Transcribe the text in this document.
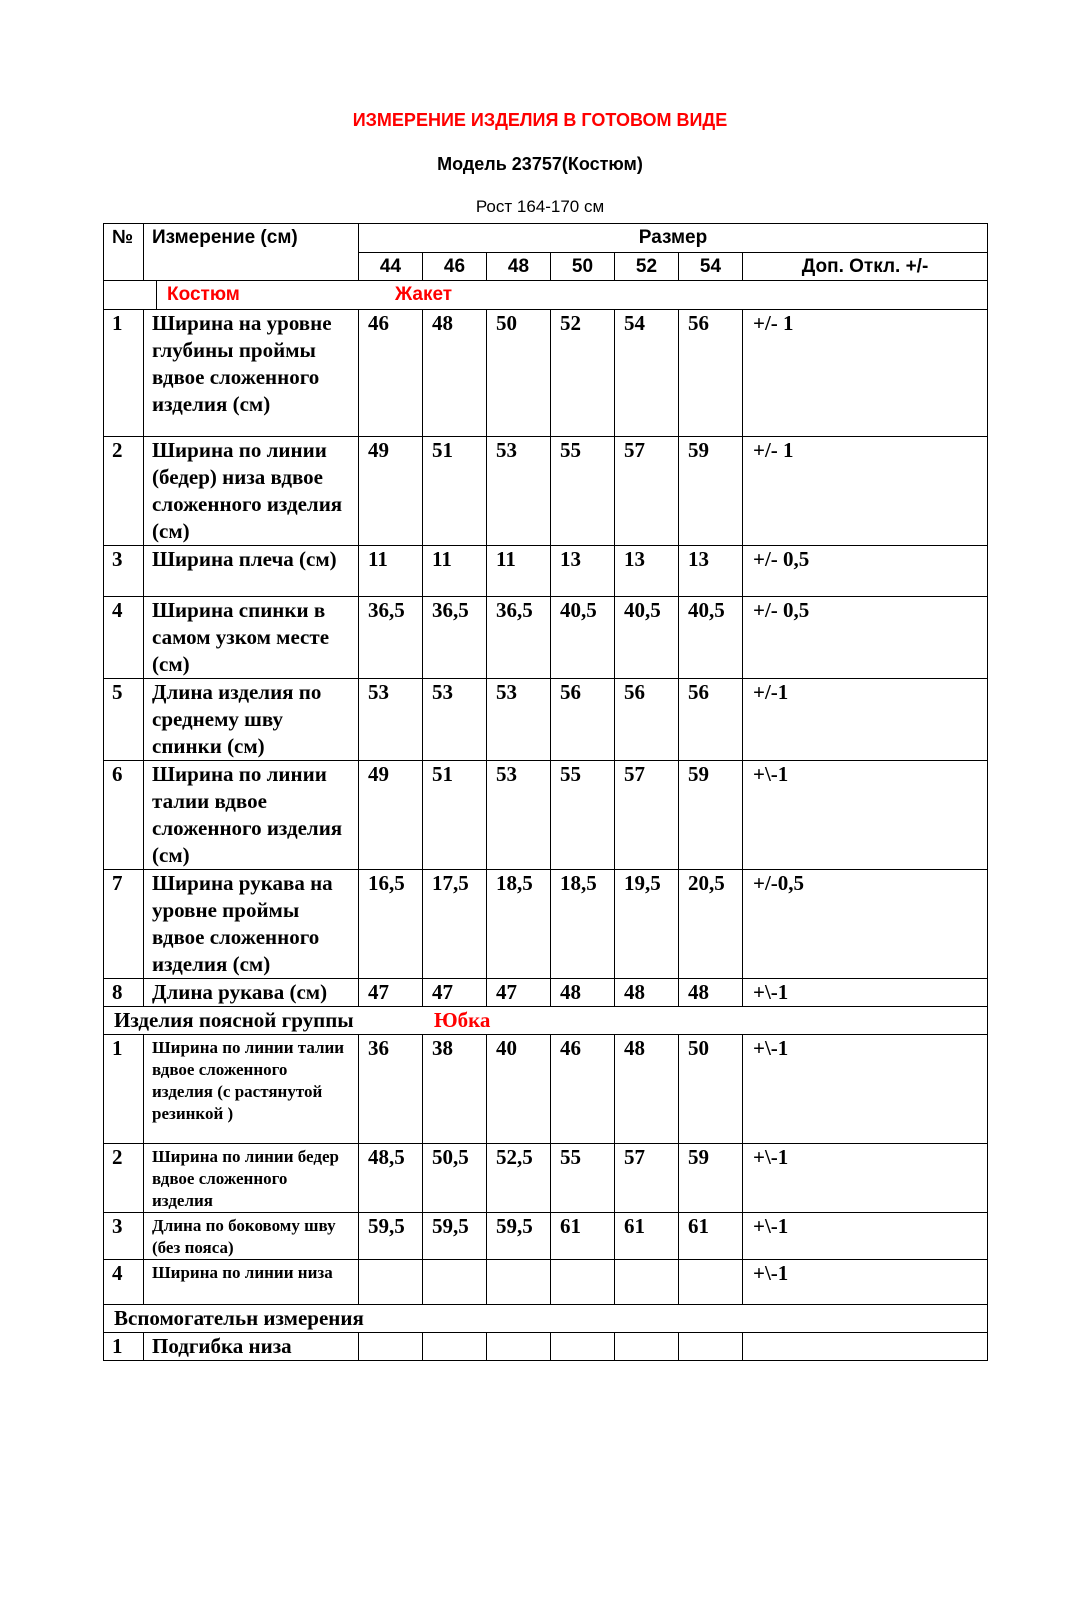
ИЗМЕРЕНИЕ ИЗДЕЛИЯ В ГОТОВОМ ВИДЕ
Модель 23757(Костюм)
Рост 164-170 см
№	Измерение (см)	Размер						
		44	46	48	50	52	54	Доп. Откл. +/-

Костюм Жакет								

1	Ширина на уровне глубины проймы вдвое сложенного изделия (см)	46	48	50	52	54	56	+/- 1
2	Ширина по линии (бедер) низа вдвое сложенного изделия (см)	49	51	53	55	57	59	+/- 1
3	Ширина плеча (см)	11	11	11	13	13	13	+/- 0,5
4	Ширина спинки в самом узком месте (см)	36,5	36,5	36,5	40,5	40,5	40,5	+/- 0,5
5	Длина изделия по среднему шву спинки (см)	53	53	53	56	56	56	+/-1
6	Ширина по линии талии вдвое сложенного изделия (см)	49	51	53	55	57	59	+\-1
7	Ширина рукава на уровне проймы вдвое сложенного изделия (см)	16,5	17,5	18,5	18,5	19,5	20,5	+/-0,5
8	Длина рукава (см)	47	47	47	48	48	48	+\-1
Изделия поясной группы Юбка								

1	Ширина по линии талии вдвое сложенного изделия (с растянутой резинкой )	36	38	40	46	48	50	+\-1
2	Ширина по линии бедер вдвое сложенного изделия	48,5	50,5	52,5	55	57	59	+\-1
3	Длина по боковому шву (без пояса)	59,5	59,5	59,5	61	61	61	+\-1
4	Ширина по линии низа							+\-1
Вспомогательн измерения								
1	Подгибка низа							
